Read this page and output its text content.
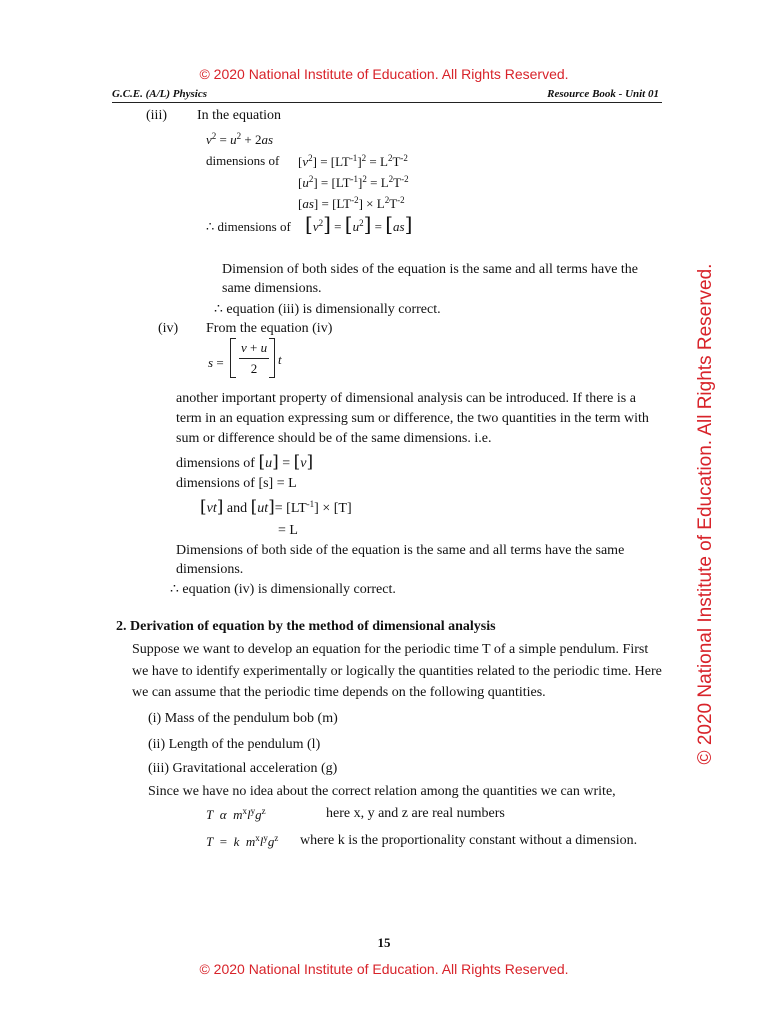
© 2020 National Institute of Education. All Rights Reserved.
G.C.E. (A/L) Physics	Resource Book - Unit 01
© 2020 National Institute of Education. All Rights Reserved.
(iii) In the equation
$v^2 = u^2 + 2as$
dimensions of $[v^2] = [LT^{-1}]^2 = L^2T^{-2}$
$[u^2] = [LT^{-1}]^2 = L^2T^{-2}$
$[as] = [LT^{-2}] \times L^2T^{-2}$
∴ dimensions of $[v^2] = [u^2] = [as]$
Dimension of both sides of the equation is the same and all terms have the
same dimensions.
∴ equation (iii) is dimensionally correct.
(iv) From the equation (iv)
s =
v + u
2
t
another important property of dimensional analysis can be introduced. If there is a
term in an equation expressing sum or difference, the two quantities in the term with
sum or difference should be of the same dimensions. i.e.
dimensions of [u] = [v]
dimensions of [s] = L
[vt] and $[ut]= [LT^{-1}] \times [T]$
= L
Dimensions of both side of the equation is the same and all terms have the same
dimensions.
∴ equation (iv) is dimensionally correct.
2. Derivation of equation by the method of dimensional analysis
Suppose we want to develop an equation for the periodic time T of a simple pendulum. First
we have to identify experimentally or logically the quantities related to the periodic time. Here
we can assume that the periodic time depends on the following quantities.
(i) Mass of the pendulum bob (m)
(ii) Length of the pendulum (l)
(iii) Gravitational acceleration (g)
Since we have no idea about the correct relation among the quantities we can write,
T α $m^xl^yg^z$	here x, y and z are real numbers
T  =  k $m^xl^yg^z$ where k is the proportionality constant without a dimension.
15
© 2020 National Institute of Education. All Rights Reserved.
